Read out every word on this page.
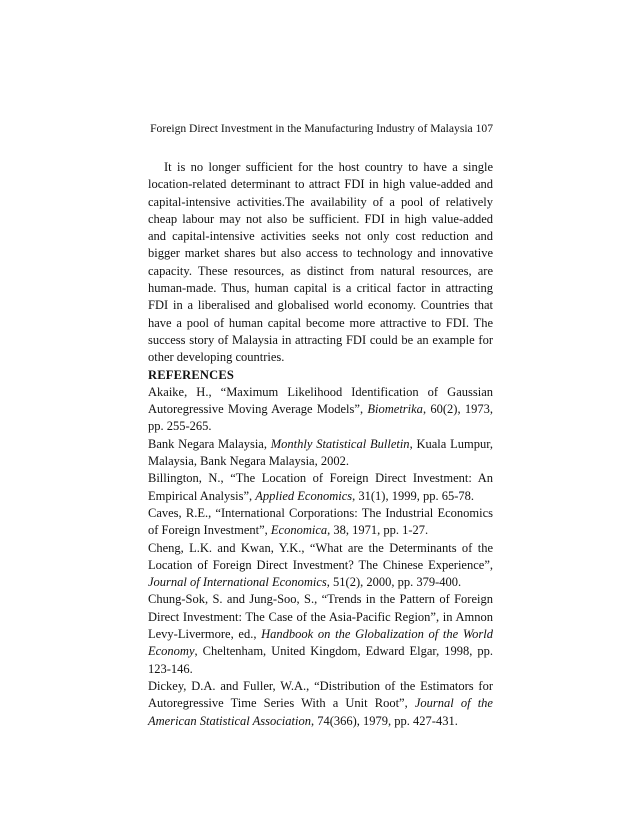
Foreign Direct Investment in the Manufacturing Industry of Malaysia 107

It is no longer sufficient for the host country to have a single location-related determinant to attract FDI in high value-added and capital-intensive activities.The availability of a pool of relatively cheap labour may not also be sufficient. FDI in high value-added and capital-intensive activities seeks not only cost reduction and bigger market shares but also access to technology and innovative capacity. These resources, as distinct from natural resources, are human-made. Thus, human capital is a critical factor in attracting FDI in a liberalised and globalised world economy. Countries that have a pool of human capital become more attractive to FDI. The success story of Malaysia in attracting FDI could be an example for other developing countries.

REFERENCES

Akaike, H., “Maximum Likelihood Identification of Gaussian Autoregressive Moving Average Models”, Biometrika, 60(2), 1973, pp. 255-265.

Bank Negara Malaysia, Monthly Statistical Bulletin, Kuala Lumpur, Malaysia, Bank Negara Malaysia, 2002.

Billington, N., “The Location of Foreign Direct Investment: An Empirical Analysis”, Applied Economics, 31(1), 1999, pp. 65-78.

Caves, R.E., “International Corporations: The Industrial Economics of Foreign Investment”, Economica, 38, 1971, pp. 1-27.

Cheng, L.K. and Kwan, Y.K., “What are the Determinants of the Location of Foreign Direct Investment? The Chinese Experience”, Journal of International Economics, 51(2), 2000, pp. 379-400.

Chung-Sok, S. and Jung-Soo, S., “Trends in the Pattern of Foreign Direct Investment: The Case of the Asia-Pacific Region”, in Amnon Levy-Livermore, ed., Handbook on the Globalization of the World Economy, Cheltenham, United Kingdom, Edward Elgar, 1998, pp. 123-146.

Dickey, D.A. and Fuller, W.A., “Distribution of the Estimators for Autoregressive Time Series With a Unit Root”, Journal of the American Statistical Association, 74(366), 1979, pp. 427-431.
